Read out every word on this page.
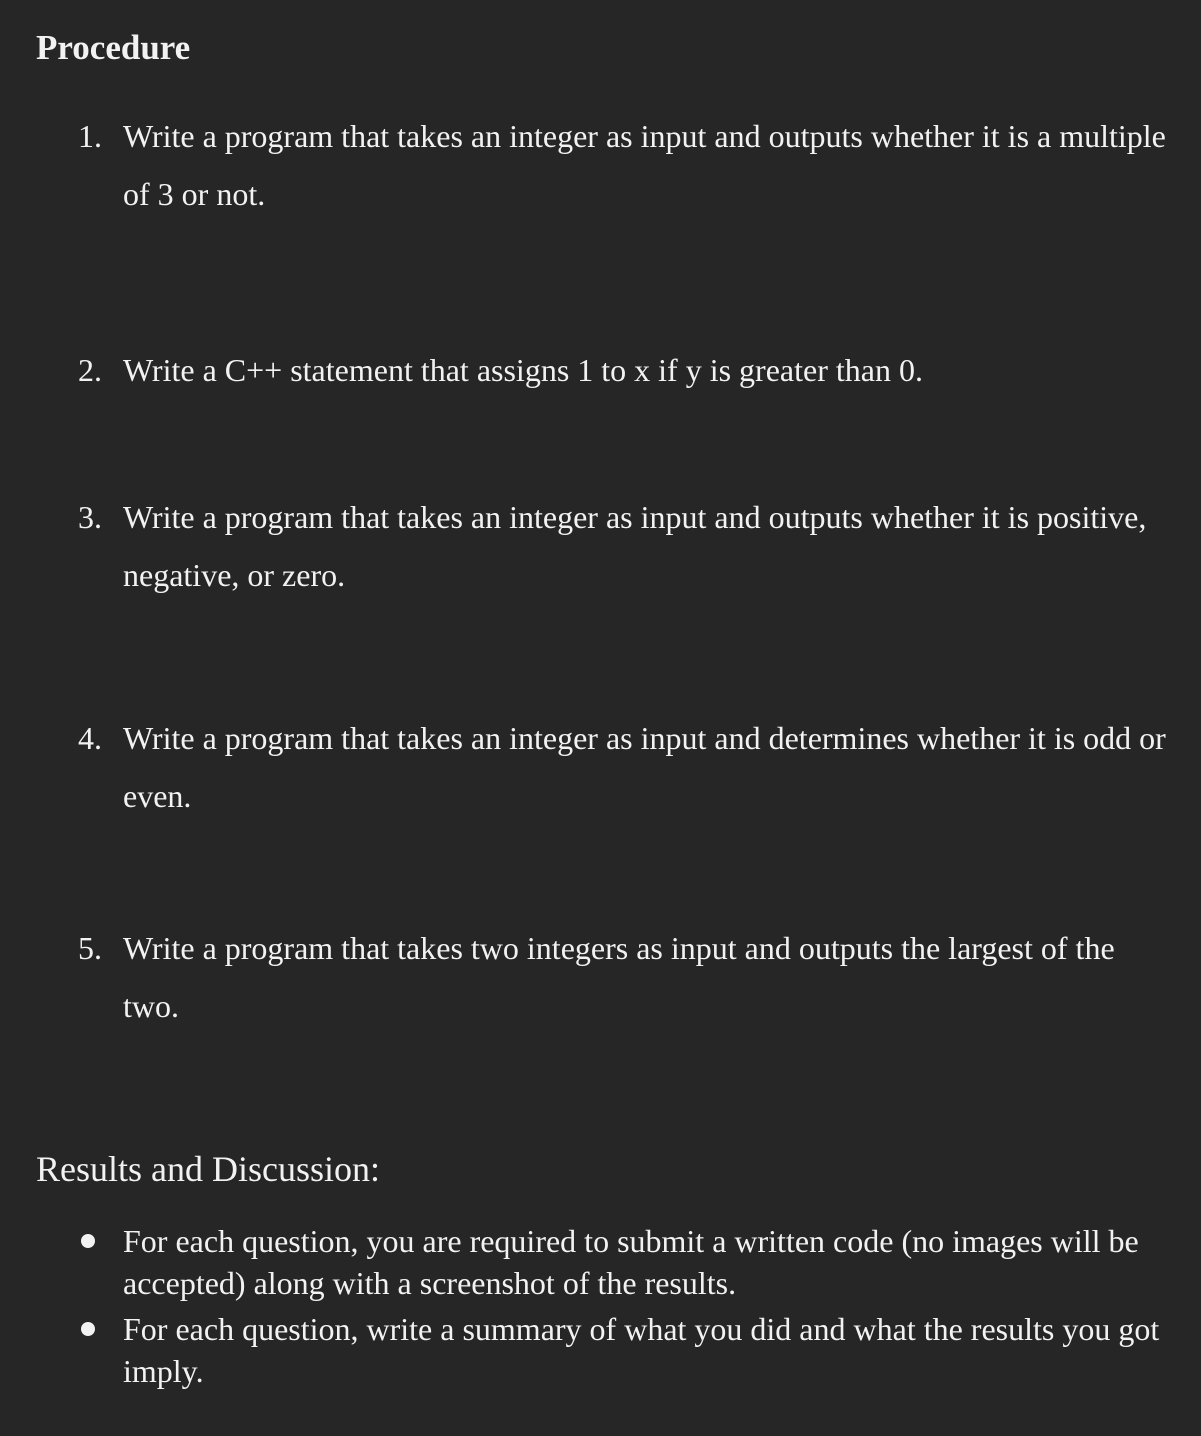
Procedure
1. Write a program that takes an integer as input and outputs whether it is a multiple of 3 or not.
2. Write a C++ statement that assigns 1 to x if y is greater than 0.
3. Write a program that takes an integer as input and outputs whether it is positive, negative, or zero.
4. Write a program that takes an integer as input and determines whether it is odd or even.
5. Write a program that takes two integers as input and outputs the largest of the two.
Results and Discussion:
For each question, you are required to submit a written code (no images will be accepted) along with a screenshot of the results.
For each question, write a summary of what you did and what the results you got imply.
